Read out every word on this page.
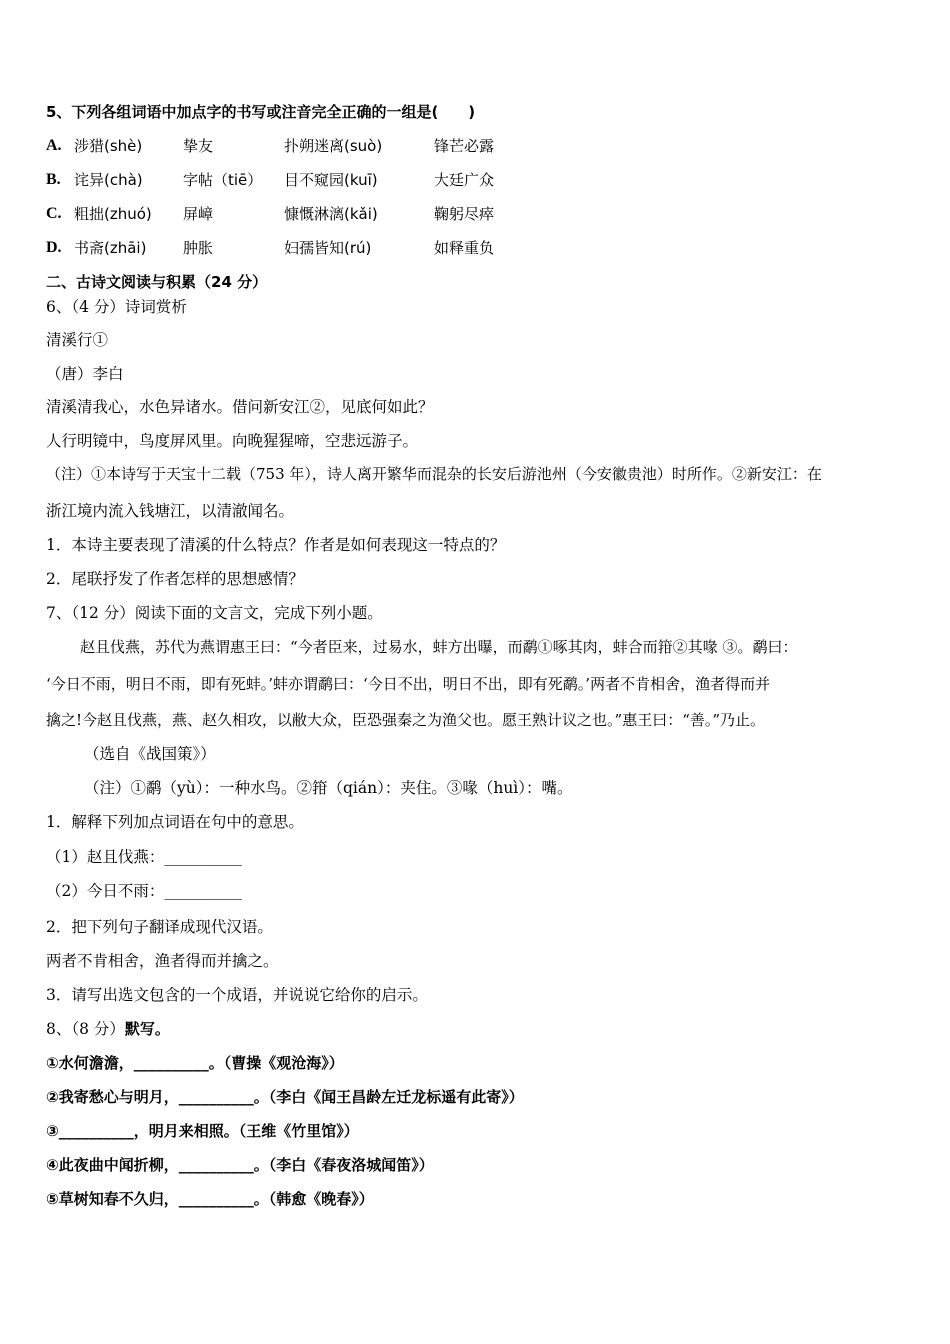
5、下列各组词语中加点字的书写或注音完全正确的一组是(　　)
A. 涉猎(shè)	挚友	扑朔迷离(suò)	锋芒必露
B. 诧异(chà)	字帖（tiē） 目不窥园(kuī)	大廷广众
C. 粗拙(zhuó) 屏嶂	慷慨淋漓(kǎi)	鞠躬尽瘁
D. 书斋(zhāi) 肿胀	妇孺皆知(rú)	如释重负
二、古诗文阅读与积累（24 分）
6、（4 分）诗词赏析
清溪行①
（唐）李白
清溪清我心，水色异诸水。借问新安江②，见底何如此？
人行明镜中，鸟度屏风里。向晚猩猩啼，空悲远游子。
（注）①本诗写于天宝十二载（753 年），诗人离开繁华而混杂的长安后游池州（今安徽贵池）时所作。②新安江：在
浙江境内流入钱塘江，以清澈闻名。
1．本诗主要表现了清溪的什么特点？作者是如何表现这一特点的？
2．尾联抒发了作者怎样的思想感情？
7、（12 分）阅读下面的文言文，完成下列小题。
赵且伐燕，苏代为燕谓惠王曰：“今者臣来，过易水，蚌方出曝，而鹬①啄其肉，蚌合而箝②其喙 ③。鹬曰：
‘今日不雨，明日不雨，即有死蚌。’蚌亦谓鹬曰：‘今日不出，明日不出，即有死鹬。’两者不肯相舍，渔者得而并
擒之!今赵且伐燕，燕、赵久相攻，以敝大众，臣恐强秦之为渔父也。愿王熟计议之也。”惠王曰：“善。”乃止。
（选自《战国策》）
（注）①鹬（yù）：一种水鸟。②箝（qián）：夹住。③喙（huì）：嘴。
1．解释下列加点词语在句中的意思。
（1）赵且伐燕：__________
（2）今日不雨：__________
2．把下列句子翻译成现代汉语。
两者不肯相舍，渔者得而并擒之。
3．请写出选文包含的一个成语，并说说它给你的启示。
8、（8 分）默写。
①水何澹澹，__________。（曹操《观沧海》）
②我寄愁心与明月，__________。（李白《闻王昌龄左迁龙标遥有此寄》）
③__________，明月来相照。（王维《竹里馆》）
④此夜曲中闻折柳，__________。（李白《春夜洛城闻笛》）
⑤草树知春不久归，__________。（韩愈《晚春》）
